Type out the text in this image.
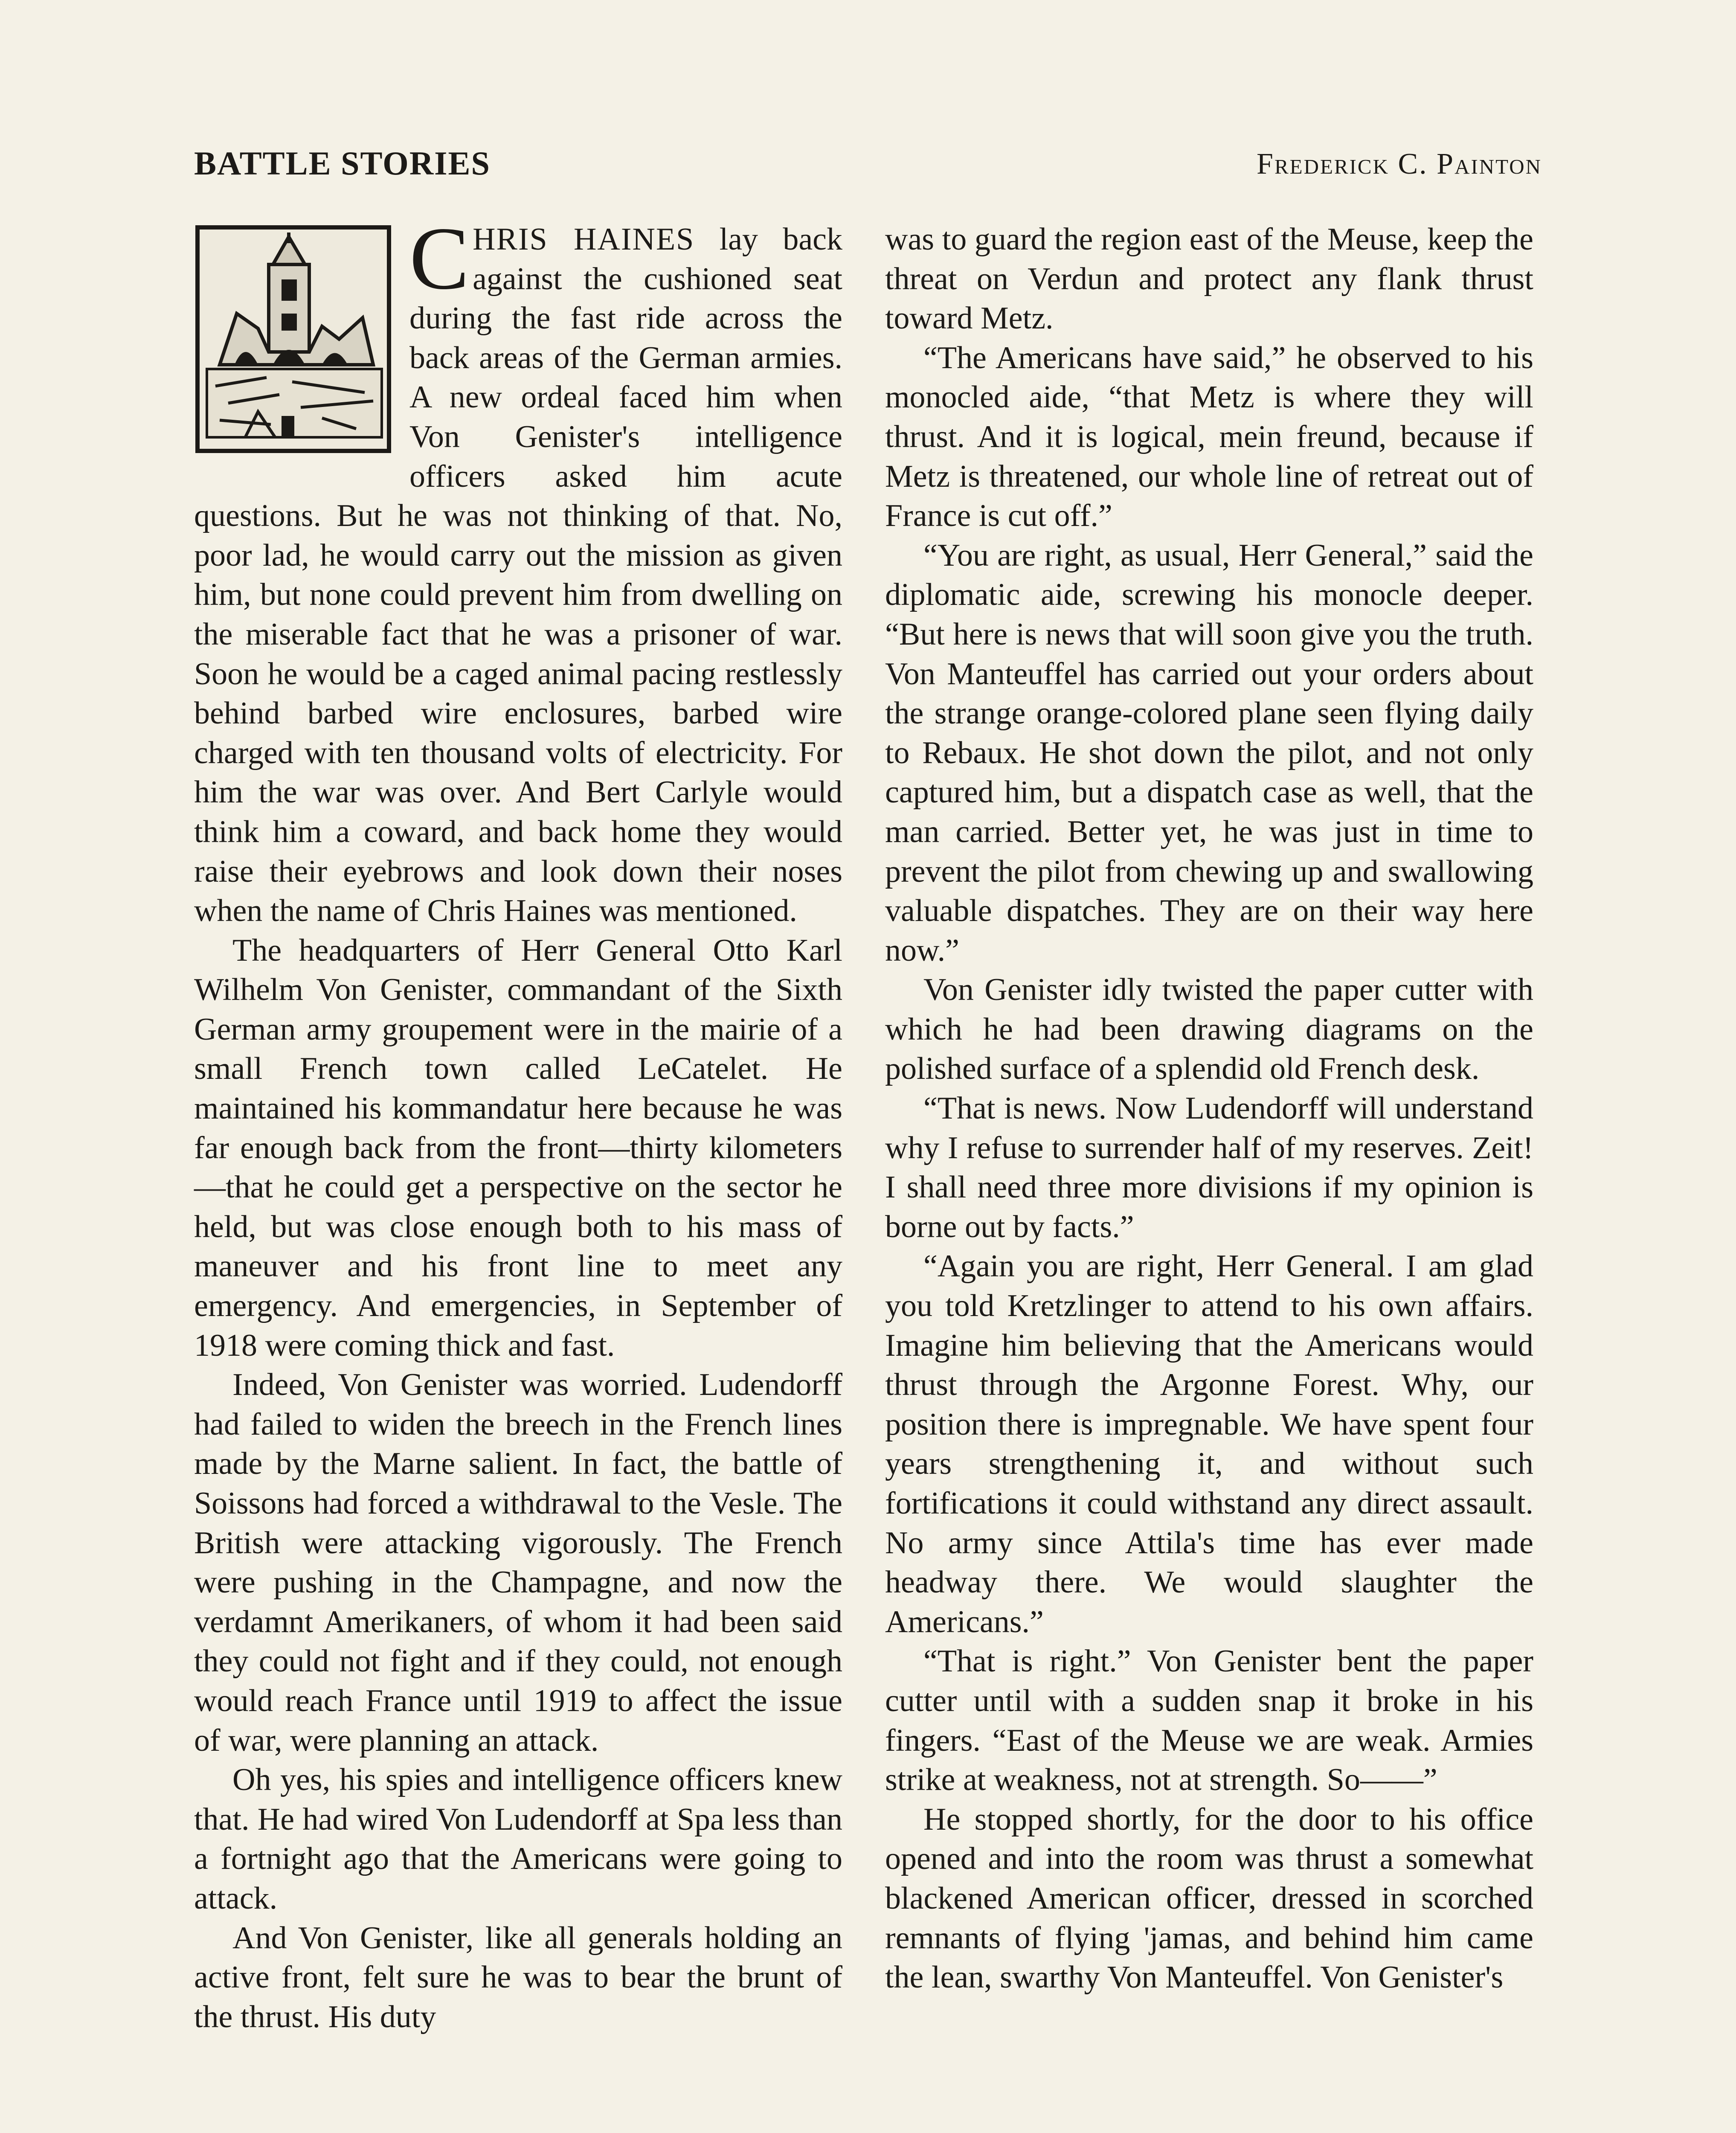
BATTLE STORIES	Frederick C. Painton

CHRIS HAINES lay back against the cushioned seat during the fast ride across the back areas of the German armies. A new ordeal faced him when Von Genister's intelligence officers asked him acute questions. But he was not thinking of that. No, poor lad, he would carry out the mission as given him, but none could prevent him from dwelling on the miserable fact that he was a prisoner of war. Soon he would be a caged animal pacing restlessly behind barbed wire enclosures, barbed wire charged with ten thousand volts of electricity. For him the war was over. And Bert Carlyle would think him a coward, and back home they would raise their eyebrows and look down their noses when the name of Chris Haines was mentioned.

The headquarters of Herr General Otto Karl Wilhelm Von Genister, commandant of the Sixth German army groupement were in the mairie of a small French town called LeCatelet. He maintained his kommandatur here because he was far enough back from the front—thirty kilometers—that he could get a perspective on the sector he held, but was close enough both to his mass of maneuver and his front line to meet any emergency. And emergencies, in September of 1918 were coming thick and fast.

Indeed, Von Genister was worried. Ludendorff had failed to widen the breech in the French lines made by the Marne salient. In fact, the battle of Soissons had forced a withdrawal to the Vesle. The British were attacking vigorously. The French were pushing in the Champagne, and now the verdamnt Amerikaners, of whom it had been said they could not fight and if they could, not enough would reach France until 1919 to affect the issue of war, were planning an attack.

Oh yes, his spies and intelligence officers knew that. He had wired Von Ludendorff at Spa less than a fortnight ago that the Americans were going to attack.

And Von Genister, like all generals holding an active front, felt sure he was to bear the brunt of the thrust. His duty

was to guard the region east of the Meuse, keep the threat on Verdun and protect any flank thrust toward Metz.

“The Americans have said,” he observed to his monocled aide, “that Metz is where they will thrust. And it is logical, mein freund, because if Metz is threatened, our whole line of retreat out of France is cut off.”

“You are right, as usual, Herr General,” said the diplomatic aide, screwing his monocle deeper. “But here is news that will soon give you the truth. Von Manteuffel has carried out your orders about the strange orange-colored plane seen flying daily to Rebaux. He shot down the pilot, and not only captured him, but a dispatch case as well, that the man carried. Better yet, he was just in time to prevent the pilot from chewing up and swallowing valuable dispatches. They are on their way here now.”

Von Genister idly twisted the paper cutter with which he had been drawing diagrams on the polished surface of a splendid old French desk.

“That is news. Now Ludendorff will understand why I refuse to surrender half of my reserves. Zeit! I shall need three more divisions if my opinion is borne out by facts.”

“Again you are right, Herr General. I am glad you told Kretzlinger to attend to his own affairs. Imagine him believing that the Americans would thrust through the Argonne Forest. Why, our position there is impregnable. We have spent four years strengthening it, and without such fortifications it could withstand any direct assault. No army since Attila's time has ever made headway there. We would slaughter the Americans.”

“That is right.” Von Genister bent the paper cutter until with a sudden snap it broke in his fingers. “East of the Meuse we are weak. Armies strike at weakness, not at strength. So——”

He stopped shortly, for the door to his office opened and into the room was thrust a somewhat blackened American officer, dressed in scorched remnants of flying 'jamas, and behind him came the lean, swarthy Von Manteuffel. Von Genister's
